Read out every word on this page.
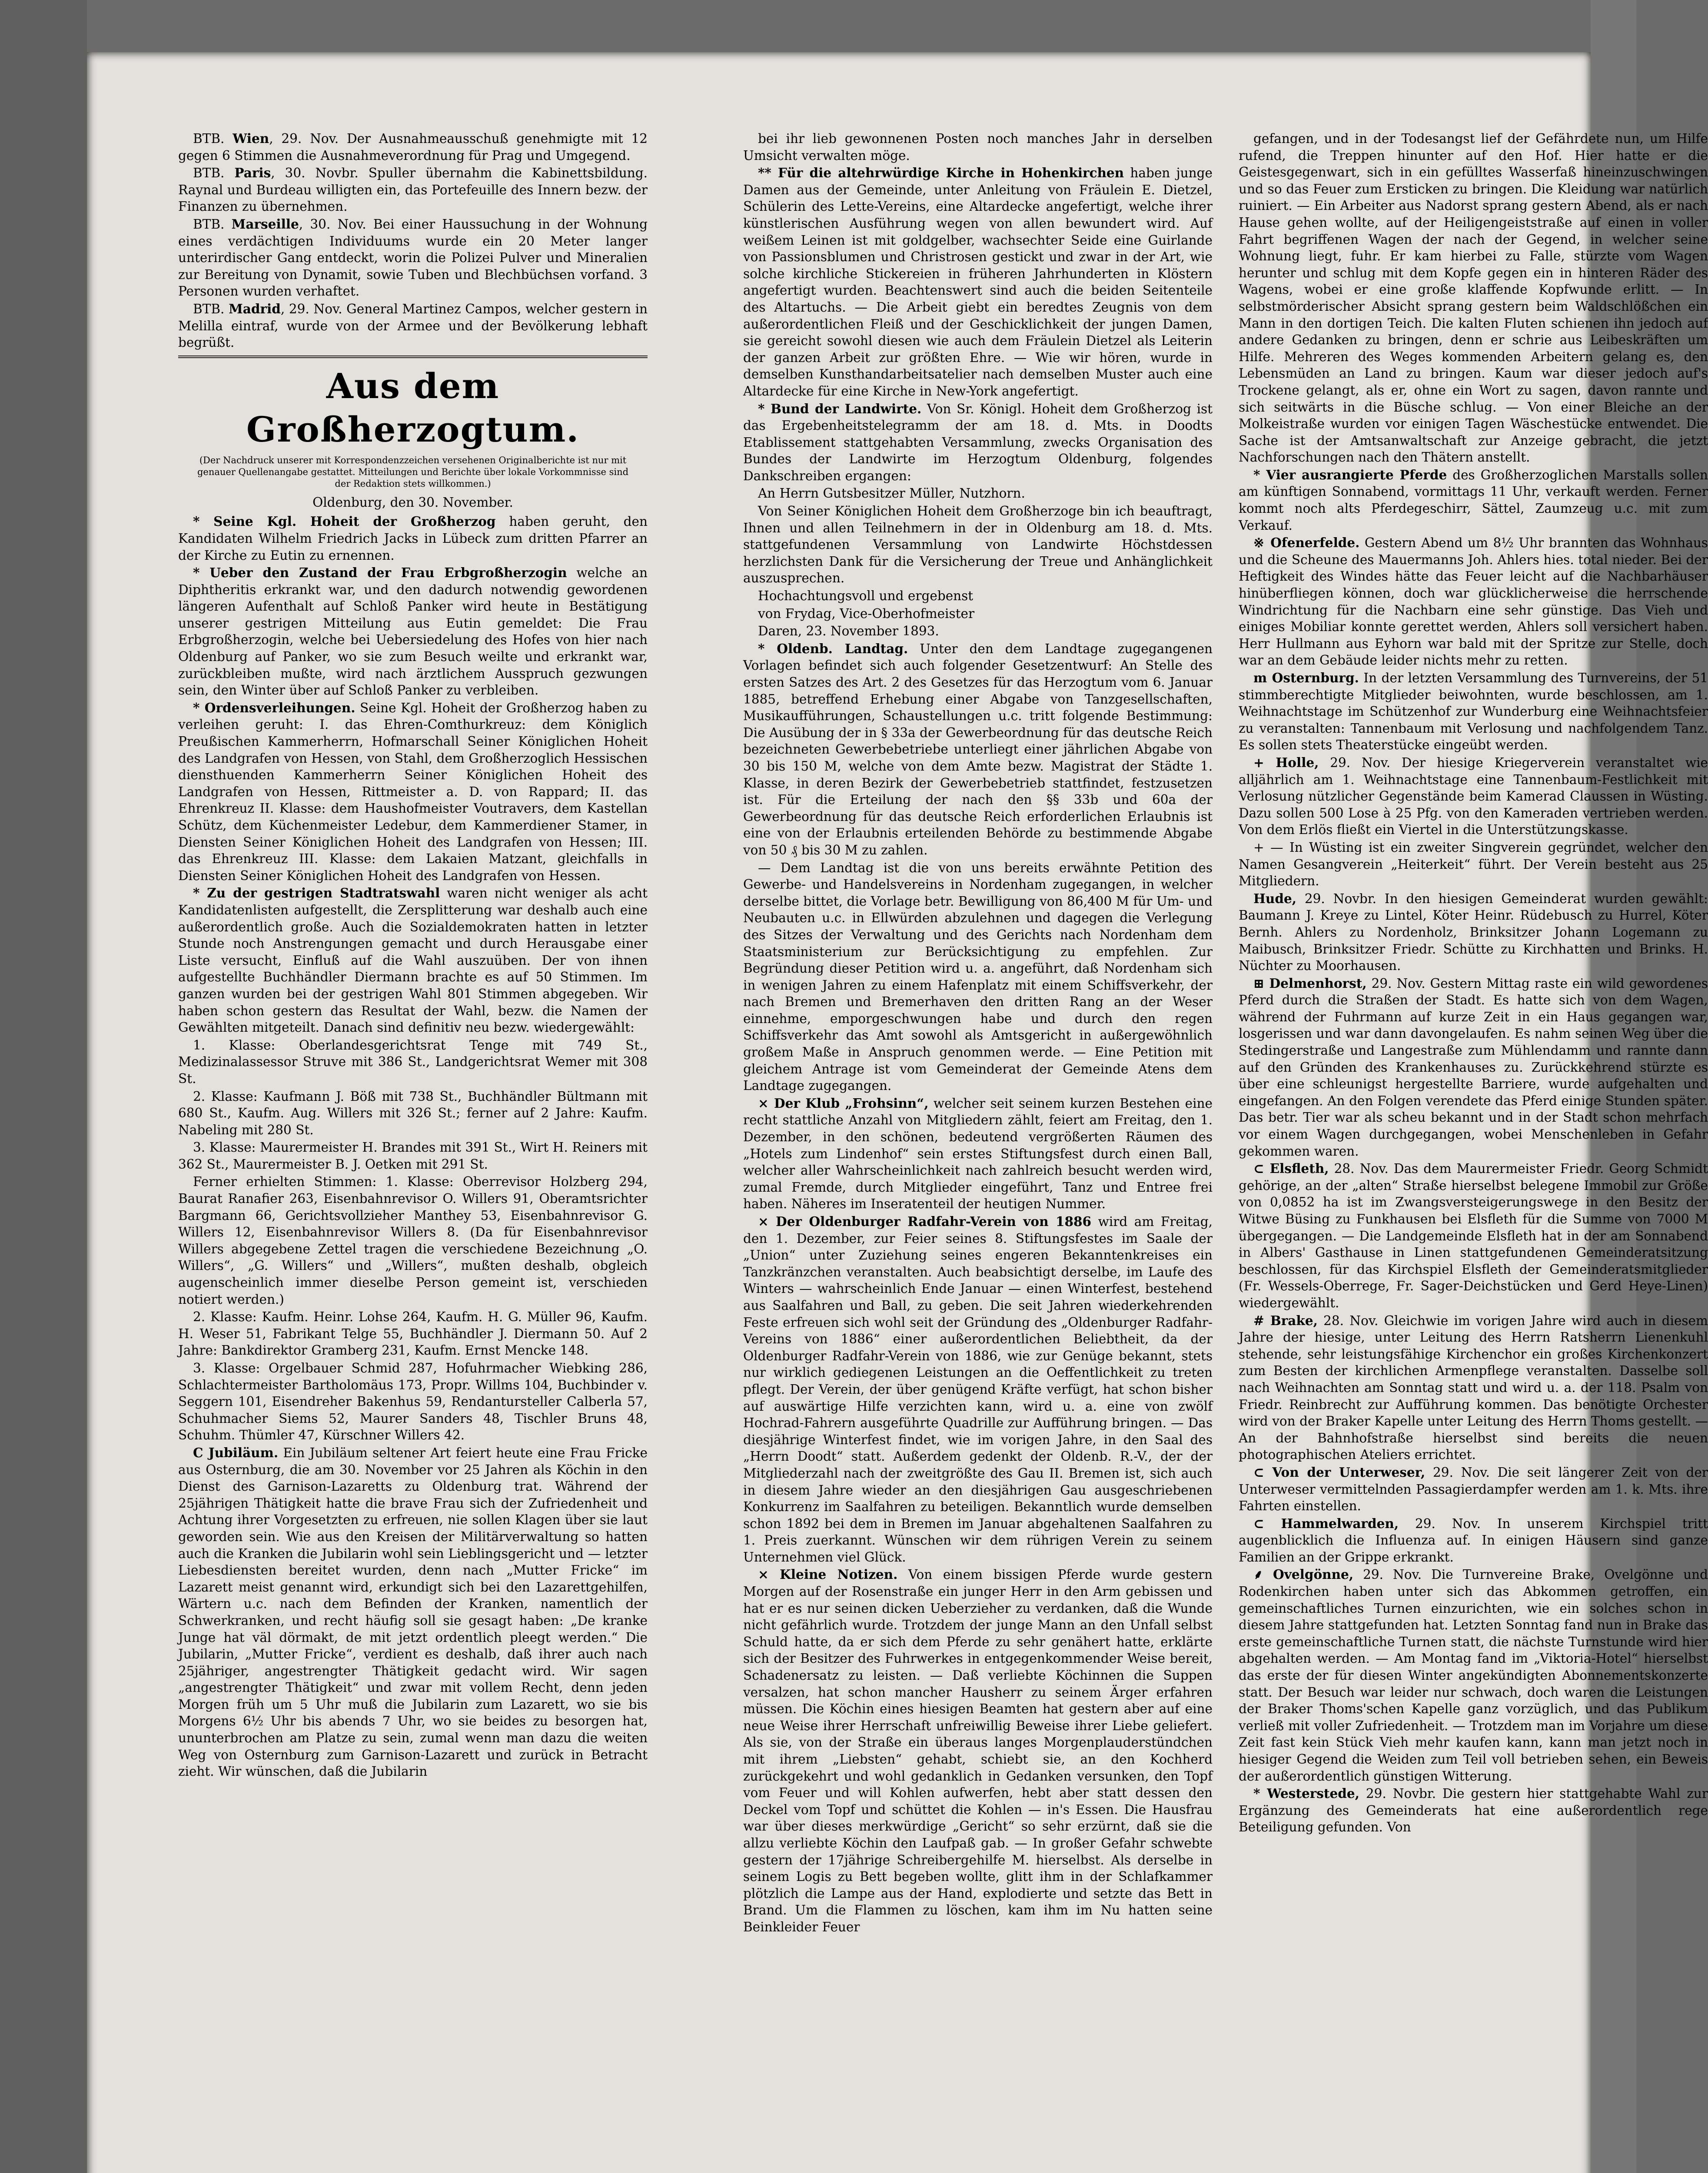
BTB. Wien, 29. Nov. Der Ausnahmeausschuß genehmigte mit 12 gegen 6 Stimmen die Ausnahmeverordnung für Prag und Umgegend.

BTB. Paris, 30. Novbr. Spuller übernahm die Kabinettsbildung. Raynal und Burdeau willigten ein, das Portefeuille des Innern bezw. der Finanzen zu übernehmen.

BTB. Marseille, 30. Nov. Bei einer Haussuchung in der Wohnung eines verdächtigen Individuums wurde ein 20 Meter langer unterirdischer Gang entdeckt, worin die Polizei Pulver und Mineralien zur Bereitung von Dynamit, sowie Tuben und Blechbüchsen vorfand. 3 Personen wurden verhaftet.

BTB. Madrid, 29. Nov. General Martinez Campos, welcher gestern in Melilla eintraf, wurde von der Armee und der Bevölkerung lebhaft begrüßt.

Aus dem Großherzogtum.
(Der Nachdruck unserer mit Korrespondenzzeichen versehenen Originalberichte ist nur mit genauer Quellenangabe gestattet. Mitteilungen und Berichte über lokale Vorkommnisse sind der Redaktion stets willkommen.)
Oldenburg, den 30. November.

* Seine Kgl. Hoheit der Großherzog haben geruht, den Kandidaten Wilhelm Friedrich Jacks in Lübeck zum dritten Pfarrer an der Kirche zu Eutin zu ernennen.

* Ueber den Zustand der Frau Erbgroßherzogin welche an Diphtheritis erkrankt war, und den dadurch notwendig gewordenen längeren Aufenthalt auf Schloß Panker wird heute in Bestätigung unserer gestrigen Mitteilung aus Eutin gemeldet: Die Frau Erbgroßherzogin, welche bei Uebersiedelung des Hofes von hier nach Oldenburg auf Panker, wo sie zum Besuch weilte und erkrankt war, zurückbleiben mußte, wird nach ärztlichem Ausspruch gezwungen sein, den Winter über auf Schloß Panker zu verbleiben.

* Ordensverleihungen. Seine Kgl. Hoheit der Großherzog haben zu verleihen geruht: I. das Ehren-Comthurkreuz: dem Königlich Preußischen Kammerherrn, Hofmarschall Seiner Königlichen Hoheit des Landgrafen von Hessen, von Stahl, dem Großherzoglich Hessischen diensthuenden Kammerherrn Seiner Königlichen Hoheit des Landgrafen von Hessen, Rittmeister a. D. von Rappard; II. das Ehrenkreuz II. Klasse: dem Haushofmeister Voutravers, dem Kastellan Schütz, dem Küchenmeister Ledebur, dem Kammerdiener Stamer, in Diensten Seiner Königlichen Hoheit des Landgrafen von Hessen; III. das Ehrenkreuz III. Klasse: dem Lakaien Matzant, gleichfalls in Diensten Seiner Königlichen Hoheit des Landgrafen von Hessen.

* Zu der gestrigen Stadtratswahl waren nicht weniger als acht Kandidatenlisten aufgestellt, die Zersplitterung war deshalb auch eine außerordentlich große. Auch die Sozialdemokraten hatten in letzter Stunde noch Anstrengungen gemacht und durch Herausgabe einer Liste versucht, Einfluß auf die Wahl auszuüben. Der von ihnen aufgestellte Buchhändler Diermann brachte es auf 50 Stimmen. Im ganzen wurden bei der gestrigen Wahl 801 Stimmen abgegeben. Wir haben schon gestern das Resultat der Wahl, bezw. die Namen der Gewählten mitgeteilt. Danach sind definitiv neu bezw. wiedergewählt:

1. Klasse: Oberlandesgerichtsrat Tenge mit 749 St., Medizinalassessor Struve mit 386 St., Landgerichtsrat Wemer mit 308 St.

2. Klasse: Kaufmann J. Böß mit 738 St., Buchhändler Bültmann mit 680 St., Kaufm. Aug. Willers mit 326 St.; ferner auf 2 Jahre: Kaufm. Nabeling mit 280 St.

3. Klasse: Maurermeister H. Brandes mit 391 St., Wirt H. Reiners mit 362 St., Maurermeister B. J. Oetken mit 291 St.

Ferner erhielten Stimmen: 1. Klasse: Oberrevisor Holzberg 294, Baurat Ranafier 263, Eisenbahnrevisor O. Willers 91, Oberamtsrichter Bargmann 66, Gerichtsvollzieher Manthey 53, Eisenbahnrevisor G. Willers 12, Eisenbahnrevisor Willers 8. (Da für Eisenbahnrevisor Willers abgegebene Zettel tragen die verschiedene Bezeichnung „O. Willers“, „G. Willers“ und „Willers“, mußten deshalb, obgleich augenscheinlich immer dieselbe Person gemeint ist, verschieden notiert werden.)

2. Klasse: Kaufm. Heinr. Lohse 264, Kaufm. H. G. Müller 96, Kaufm. H. Weser 51, Fabrikant Telge 55, Buchhändler J. Diermann 50. Auf 2 Jahre: Bankdirektor Gramberg 231, Kaufm. Ernst Mencke 148.

3. Klasse: Orgelbauer Schmid 287, Hofuhrmacher Wiebking 286, Schlachtermeister Bartholomäus 173, Propr. Willms 104, Buchbinder v. Seggern 101, Eisendreher Bakenhus 59, Rendantursteller Calberla 57, Schuhmacher Siems 52, Maurer Sanders 48, Tischler Bruns 48, Schuhm. Thümler 47, Kürschner Willers 42.

C Jubiläum. Ein Jubiläum seltener Art feiert heute eine Frau Fricke aus Osternburg, die am 30. November vor 25 Jahren als Köchin in den Dienst des Garnison-Lazaretts zu Oldenburg trat. Während der 25jährigen Thätigkeit hatte die brave Frau sich der Zufriedenheit und Achtung ihrer Vorgesetzten zu erfreuen, nie sollen Klagen über sie laut geworden sein. Wie aus den Kreisen der Militärverwaltung so hatten auch die Kranken die Jubilarin wohl sein Lieblingsgericht und — letzter Liebesdiensten bereitet wurden, denn nach „Mutter Fricke“ im Lazarett meist genannt wird, erkundigt sich bei den Lazarettgehilfen, Wärtern u.c. nach dem Befinden der Kranken, namentlich der Schwerkranken, und recht häufig soll sie gesagt haben: „De kranke Junge hat väl dörmakt, de mit jetzt ordentlich pleegt werden.“ Die Jubilarin, „Mutter Fricke“, verdient es deshalb, daß ihrer auch nach 25jähriger, angestrengter Thätigkeit gedacht wird. Wir sagen „angestrengter Thätigkeit“ und zwar mit vollem Recht, denn jeden Morgen früh um 5 Uhr muß die Jubilarin zum Lazarett, wo sie bis Morgens 6½ Uhr bis abends 7 Uhr, wo sie beides zu besorgen hat, ununterbrochen am Platze zu sein, zumal wenn man dazu die weiten Weg von Osternburg zum Garnison-Lazarett und zurück in Betracht zieht. Wir wünschen, daß die Jubilarin

bei ihr lieb gewonnenen Posten noch manches Jahr in derselben Umsicht verwalten möge.

** Für die altehrwürdige Kirche in Hohenkirchen haben junge Damen aus der Gemeinde, unter Anleitung von Fräulein E. Dietzel, Schülerin des Lette-Vereins, eine Altardecke angefertigt, welche ihrer künstlerischen Ausführung wegen von allen bewundert wird. Auf weißem Leinen ist mit goldgelber, wachsechter Seide eine Guirlande von Passionsblumen und Christrosen gestickt und zwar in der Art, wie solche kirchliche Stickereien in früheren Jahrhunderten in Klöstern angefertigt wurden. Beachtenswert sind auch die beiden Seitenteile des Altartuchs. — Die Arbeit giebt ein beredtes Zeugnis von dem außerordentlichen Fleiß und der Geschicklichkeit der jungen Damen, sie gereicht sowohl diesen wie auch dem Fräulein Dietzel als Leiterin der ganzen Arbeit zur größten Ehre. — Wie wir hören, wurde in demselben Kunsthandarbeitsatelier nach demselben Muster auch eine Altardecke für eine Kirche in New-York angefertigt.

* Bund der Landwirte. Von Sr. Königl. Hoheit dem Großherzog ist das Ergebenheitstelegramm der am 18. d. Mts. in Doodts Etablissement stattgehabten Versammlung, zwecks Organisation des Bundes der Landwirte im Herzogtum Oldenburg, folgendes Dankschreiben ergangen:

An Herrn Gutsbesitzer Müller, Nutzhorn.

Von Seiner Königlichen Hoheit dem Großherzoge bin ich beauftragt, Ihnen und allen Teilnehmern in der in Oldenburg am 18. d. Mts. stattgefundenen Versammlung von Landwirte Höchstdessen herzlichsten Dank für die Versicherung der Treue und Anhänglichkeit auszusprechen.

Hochachtungsvoll und ergebenst

von Frydag, Vice-Oberhofmeister

Daren, 23. November 1893.

* Oldenb. Landtag. Unter den dem Landtage zugegangenen Vorlagen befindet sich auch folgender Gesetzentwurf: An Stelle des ersten Satzes des Art. 2 des Gesetzes für das Herzogtum vom 6. Januar 1885, betreffend Erhebung einer Abgabe von Tanzgesellschaften, Musikaufführungen, Schaustellungen u.c. tritt folgende Bestimmung: Die Ausübung der in § 33a der Gewerbeordnung für das deutsche Reich bezeichneten Gewerbebetriebe unterliegt einer jährlichen Abgabe von 30 bis 150 M, welche von dem Amte bezw. Magistrat der Städte 1. Klasse, in deren Bezirk der Gewerbebetrieb stattfindet, festzusetzen ist. Für die Erteilung der nach den §§ 33b und 60a der Gewerbeordnung für das deutsche Reich erforderlichen Erlaubnis ist eine von der Erlaubnis erteilenden Behörde zu bestimmende Abgabe von 50 ₰ bis 30 M zu zahlen.

— Dem Landtag ist die von uns bereits erwähnte Petition des Gewerbe- und Handelsvereins in Nordenham zugegangen, in welcher derselbe bittet, die Vorlage betr. Bewilligung von 86,400 M für Um- und Neubauten u.c. in Ellwürden abzulehnen und dagegen die Verlegung des Sitzes der Verwaltung und des Gerichts nach Nordenham dem Staatsministerium zur Berücksichtigung zu empfehlen. Zur Begründung dieser Petition wird u. a. angeführt, daß Nordenham sich in wenigen Jahren zu einem Hafenplatz mit einem Schiffsverkehr, der nach Bremen und Bremerhaven den dritten Rang an der Weser einnehme, emporgeschwungen habe und durch den regen Schiffsverkehr das Amt sowohl als Amtsgericht in außergewöhnlich großem Maße in Anspruch genommen werde. — Eine Petition mit gleichem Antrage ist vom Gemeinderat der Gemeinde Atens dem Landtage zugegangen.

× Der Klub „Frohsinn“, welcher seit seinem kurzen Bestehen eine recht stattliche Anzahl von Mitgliedern zählt, feiert am Freitag, den 1. Dezember, in den schönen, bedeutend vergrößerten Räumen des „Hotels zum Lindenhof“ sein erstes Stiftungsfest durch einen Ball, welcher aller Wahrscheinlichkeit nach zahlreich besucht werden wird, zumal Fremde, durch Mitglieder eingeführt, Tanz und Entree frei haben. Näheres im Inseratenteil der heutigen Nummer.

× Der Oldenburger Radfahr-Verein von 1886 wird am Freitag, den 1. Dezember, zur Feier seines 8. Stiftungsfestes im Saale der „Union“ unter Zuziehung seines engeren Bekanntenkreises ein Tanzkränzchen veranstalten. Auch beabsichtigt derselbe, im Laufe des Winters — wahrscheinlich Ende Januar — einen Winterfest, bestehend aus Saalfahren und Ball, zu geben. Die seit Jahren wiederkehrenden Feste erfreuen sich wohl seit der Gründung des „Oldenburger Radfahr-Vereins von 1886“ einer außerordentlichen Beliebtheit, da der Oldenburger Radfahr-Verein von 1886, wie zur Genüge bekannt, stets nur wirklich gediegenen Leistungen an die Oeffentlichkeit zu treten pflegt. Der Verein, der über genügend Kräfte verfügt, hat schon bisher auf auswärtige Hilfe verzichten kann, wird u. a. eine von zwölf Hochrad-Fahrern ausgeführte Quadrille zur Aufführung bringen. — Das diesjährige Winterfest findet, wie im vorigen Jahre, in den Saal des „Herrn Doodt“ statt. Außerdem gedenkt der Oldenb. R.-V., der der Mitgliederzahl nach der zweitgrößte des Gau II. Bremen ist, sich auch in diesem Jahre wieder an den diesjährigen Gau ausgeschriebenen Konkurrenz im Saalfahren zu beteiligen. Bekanntlich wurde demselben schon 1892 bei dem in Bremen im Januar abgehaltenen Saalfahren zu 1. Preis zuerkannt. Wünschen wir dem rührigen Verein zu seinem Unternehmen viel Glück.

× Kleine Notizen. Von einem bissigen Pferde wurde gestern Morgen auf der Rosenstraße ein junger Herr in den Arm gebissen und hat er es nur seinen dicken Ueberzieher zu verdanken, daß die Wunde nicht gefährlich wurde. Trotzdem der junge Mann an den Unfall selbst Schuld hatte, da er sich dem Pferde zu sehr genähert hatte, erklärte sich der Besitzer des Fuhrwerkes in entgegenkommender Weise bereit, Schadenersatz zu leisten. — Daß verliebte Köchinnen die Suppen versalzen, hat schon mancher Hausherr zu seinem Ärger erfahren müssen. Die Köchin eines hiesigen Beamten hat gestern aber auf eine neue Weise ihrer Herrschaft unfreiwillig Beweise ihrer Liebe geliefert. Als sie, von der Straße ein überaus langes Morgenplauderstündchen mit ihrem „Liebsten“ gehabt, schiebt sie, an den Kochherd zurückgekehrt und wohl gedanklich in Gedanken versunken, den Topf vom Feuer und will Kohlen aufwerfen, hebt aber statt dessen den Deckel vom Topf und schüttet die Kohlen — in's Essen. Die Hausfrau war über dieses merkwürdige „Gericht“ so sehr erzürnt, daß sie die allzu verliebte Köchin den Laufpaß gab. — In großer Gefahr schwebte gestern der 17jährige Schreibergehilfe M. hierselbst. Als derselbe in seinem Logis zu Bett begeben wollte, glitt ihm in der Schlafkammer plötzlich die Lampe aus der Hand, explodierte und setzte das Bett in Brand. Um die Flammen zu löschen, kam ihm im Nu hatten seine Beinkleider Feuer

gefangen, und in der Todesangst lief der Gefährdete nun, um Hilfe rufend, die Treppen hinunter auf den Hof. Hier hatte er die Geistesgegenwart, sich in ein gefülltes Wasserfaß hineinzuschwingen und so das Feuer zum Ersticken zu bringen. Die Kleidung war natürlich ruiniert. — Ein Arbeiter aus Nadorst sprang gestern Abend, als er nach Hause gehen wollte, auf der Heiligengeiststraße auf einen in voller Fahrt begriffenen Wagen der nach der Gegend, in welcher seine Wohnung liegt, fuhr. Er kam hierbei zu Falle, stürzte vom Wagen herunter und schlug mit dem Kopfe gegen ein in hinteren Räder des Wagens, wobei er eine große klaffende Kopfwunde erlitt. — In selbstmörderischer Absicht sprang gestern beim Waldschlößchen ein Mann in den dortigen Teich. Die kalten Fluten schienen ihn jedoch auf andere Gedanken zu bringen, denn er schrie aus Leibeskräften um Hilfe. Mehreren des Weges kommenden Arbeitern gelang es, den Lebensmüden an Land zu bringen. Kaum war dieser jedoch auf's Trockene gelangt, als er, ohne ein Wort zu sagen, davon rannte und sich seitwärts in die Büsche schlug. — Von einer Bleiche an der Molkeistraße wurden vor einigen Tagen Wäschestücke entwendet. Die Sache ist der Amtsanwaltschaft zur Anzeige gebracht, die jetzt Nachforschungen nach den Thätern anstellt.

* Vier ausrangierte Pferde des Großherzoglichen Marstalls sollen am künftigen Sonnabend, vormittags 11 Uhr, verkauft werden. Ferner kommt noch alts Pferdegeschirr, Sättel, Zaumzeug u.c. mit zum Verkauf.

※ Ofenerfelde. Gestern Abend um 8½ Uhr brannten das Wohnhaus und die Scheune des Mauermanns Joh. Ahlers hies. total nieder. Bei der Heftigkeit des Windes hätte das Feuer leicht auf die Nachbarhäuser hinüberfliegen können, doch war glücklicherweise die herrschende Windrichtung für die Nachbarn eine sehr günstige. Das Vieh und einiges Mobiliar konnte gerettet werden, Ahlers soll versichert haben. Herr Hullmann aus Eyhorn war bald mit der Spritze zur Stelle, doch war an dem Gebäude leider nichts mehr zu retten.

m Osternburg. In der letzten Versammlung des Turnvereins, der 51 stimmberechtigte Mitglieder beiwohnten, wurde beschlossen, am 1. Weihnachtstage im Schützenhof zur Wunderburg eine Weihnachtsfeier zu veranstalten: Tannenbaum mit Verlosung und nachfolgendem Tanz. Es sollen stets Theaterstücke eingeübt werden.

+ Holle, 29. Nov. Der hiesige Kriegerverein veranstaltet wie alljährlich am 1. Weihnachtstage eine Tannenbaum-Festlichkeit mit Verlosung nützlicher Gegenstände beim Kamerad Claussen in Wüsting. Dazu sollen 500 Lose à 25 Pfg. von den Kameraden vertrieben werden. Von dem Erlös fließt ein Viertel in die Unterstützungskasse.

+ — In Wüsting ist ein zweiter Singverein gegründet, welcher den Namen Gesangverein „Heiterkeit“ führt. Der Verein besteht aus 25 Mitgliedern.

Hude, 29. Novbr. In den hiesigen Gemeinderat wurden gewählt: Baumann J. Kreye zu Lintel, Köter Heinr. Rüdebusch zu Hurrel, Köter Bernh. Ahlers zu Nordenholz, Brinksitzer Johann Logemann zu Maibusch, Brinksitzer Friedr. Schütte zu Kirchhatten und Brinks. H. Nüchter zu Moorhausen.

⊞ Delmenhorst, 29. Nov. Gestern Mittag raste ein wild gewordenes Pferd durch die Straßen der Stadt. Es hatte sich von dem Wagen, während der Fuhrmann auf kurze Zeit in ein Haus gegangen war, losgerissen und war dann davongelaufen. Es nahm seinen Weg über die Stedingerstraße und Langestraße zum Mühlendamm und rannte dann auf den Gründen des Krankenhauses zu. Zurückkehrend stürzte es über eine schleunigst hergestellte Barriere, wurde aufgehalten und eingefangen. An den Folgen verendete das Pferd einige Stunden später. Das betr. Tier war als scheu bekannt und in der Stadt schon mehrfach vor einem Wagen durchgegangen, wobei Menschenleben in Gefahr gekommen waren.

⊂ Elsfleth, 28. Nov. Das dem Maurermeister Friedr. Georg Schmidt gehörige, an der „alten“ Straße hierselbst belegene Immobil zur Größe von 0,0852 ha ist im Zwangsversteigerungswege in den Besitz der Witwe Büsing zu Funkhausen bei Elsfleth für die Summe von 7000 M übergegangen. — Die Landgemeinde Elsfleth hat in der am Sonnabend in Albers' Gasthause in Linen stattgefundenen Gemeinderatsitzung beschlossen, für das Kirchspiel Elsfleth der Gemeinderatsmitglieder (Fr. Wessels-Oberrege, Fr. Sager-Deichstücken und Gerd Heye-Linen) wiedergewählt.

# Brake, 28. Nov. Gleichwie im vorigen Jahre wird auch in diesem Jahre der hiesige, unter Leitung des Herrn Ratsherrn Lienenkuhl stehende, sehr leistungsfähige Kirchenchor ein großes Kirchenkonzert zum Besten der kirchlichen Armenpflege veranstalten. Dasselbe soll nach Weihnachten am Sonntag statt und wird u. a. der 118. Psalm von Friedr. Reinbrecht zur Aufführung kommen. Das benötigte Orchester wird von der Braker Kapelle unter Leitung des Herrn Thoms gestellt. — An der Bahnhofstraße hierselbst sind bereits die neuen photographischen Ateliers errichtet.

⊂ Von der Unterweser, 29. Nov. Die seit längerer Zeit von der Unterweser vermittelnden Passagierdampfer werden am 1. k. Mts. ihre Fahrten einstellen.

⊂ Hammelwarden, 29. Nov. In unserem Kirchspiel tritt augenblicklich die Influenza auf. In einigen Häusern sind ganze Familien an der Grippe erkrankt.

⸙ Ovelgönne, 29. Nov. Die Turnvereine Brake, Ovelgönne und Rodenkirchen haben unter sich das Abkommen getroffen, ein gemeinschaftliches Turnen einzurichten, wie ein solches schon in diesem Jahre stattgefunden hat. Letzten Sonntag fand nun in Brake das erste gemeinschaftliche Turnen statt, die nächste Turnstunde wird hier abgehalten werden. — Am Montag fand im „Viktoria-Hotel“ hierselbst das erste der für diesen Winter angekündigten Abonnementskonzerte statt. Der Besuch war leider nur schwach, doch waren die Leistungen der Braker Thoms'schen Kapelle ganz vorzüglich, und das Publikum verließ mit voller Zufriedenheit. — Trotzdem man im Vorjahre um diese Zeit fast kein Stück Vieh mehr kaufen kann, kann man jetzt noch in hiesiger Gegend die Weiden zum Teil voll betrieben sehen, ein Beweis der außerordentlich günstigen Witterung.

* Westerstede, 29. Novbr. Die gestern hier stattgehabte Wahl zur Ergänzung des Gemeinderats hat eine außerordentlich rege Beteiligung gefunden. Von
